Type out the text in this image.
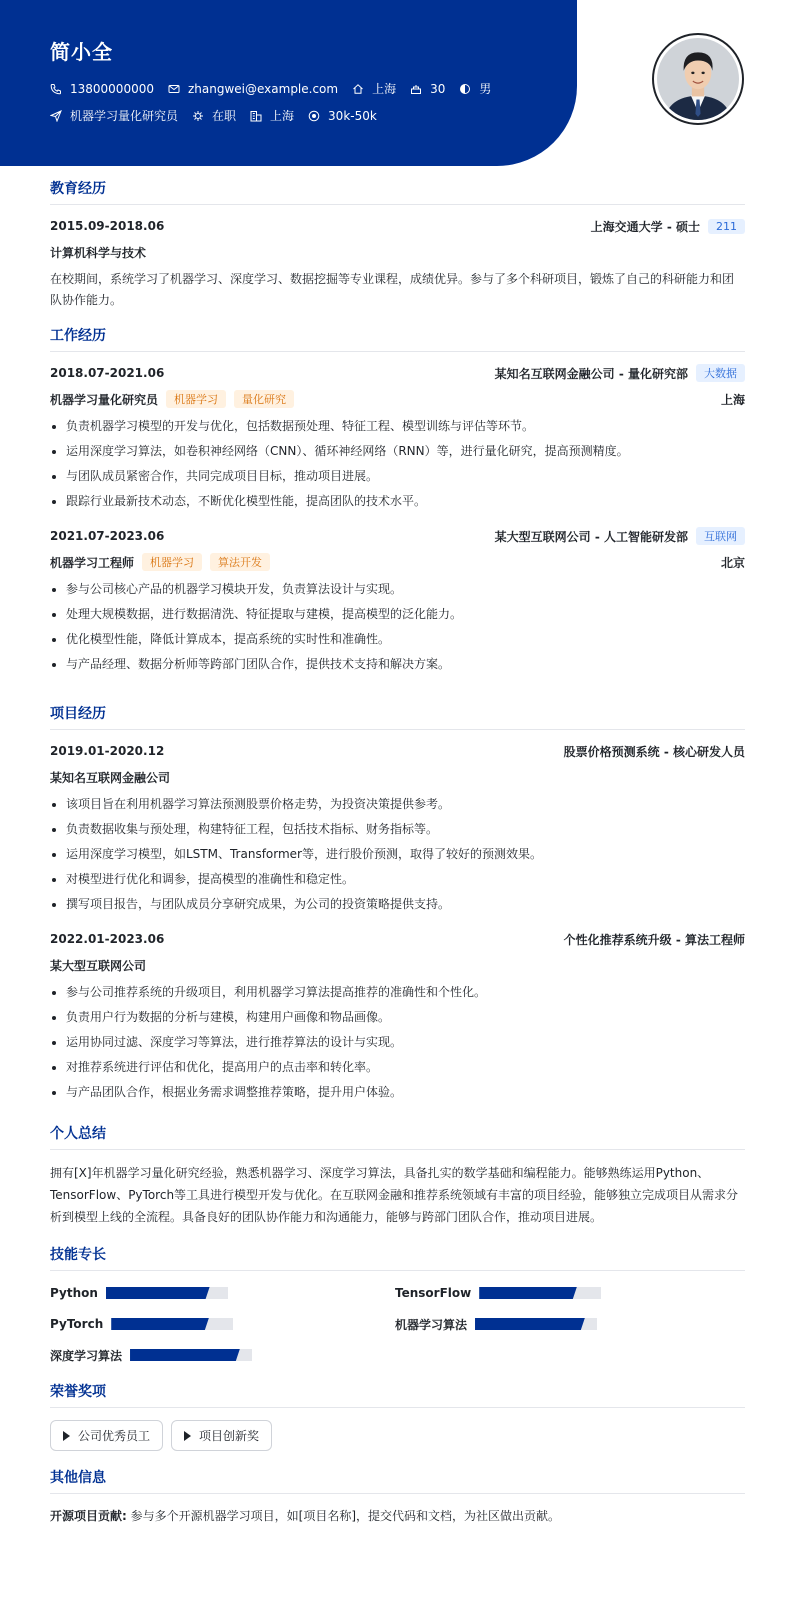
简小全
13800000000	zhangwei@example.com	上海	30	男
机器学习量化研究员	在职	上海	30k-50k
教育经历
2015.09-2018.06	上海交通大学 - 硕士	211
计算机科学与技术
在校期间，系统学习了机器学习、深度学习、数据挖掘等专业课程，成绩优异。参与了多个科研项目，锻炼了自己的科研能力和团队协作能力。
工作经历
2018.07-2021.06	某知名互联网金融公司 - 量化研究部	大数据
机器学习量化研究员	机器学习	量化研究	上海
负责机器学习模型的开发与优化，包括数据预处理、特征工程、模型训练与评估等环节。
运用深度学习算法，如卷积神经网络（CNN）、循环神经网络（RNN）等，进行量化研究，提高预测精度。
与团队成员紧密合作，共同完成项目目标，推动项目进展。
跟踪行业最新技术动态，不断优化模型性能，提高团队的技术水平。
2021.07-2023.06	某大型互联网公司 - 人工智能研发部	互联网
机器学习工程师	机器学习	算法开发	北京
参与公司核心产品的机器学习模块开发，负责算法设计与实现。
处理大规模数据，进行数据清洗、特征提取与建模，提高模型的泛化能力。
优化模型性能，降低计算成本，提高系统的实时性和准确性。
与产品经理、数据分析师等跨部门团队合作，提供技术支持和解决方案。
项目经历
2019.01-2020.12	股票价格预测系统 - 核心研发人员
某知名互联网金融公司
该项目旨在利用机器学习算法预测股票价格走势，为投资决策提供参考。
负责数据收集与预处理，构建特征工程，包括技术指标、财务指标等。
运用深度学习模型，如LSTM、Transformer等，进行股价预测，取得了较好的预测效果。
对模型进行优化和调参，提高模型的准确性和稳定性。
撰写项目报告，与团队成员分享研究成果，为公司的投资策略提供支持。
2022.01-2023.06	个性化推荐系统升级 - 算法工程师
某大型互联网公司
参与公司推荐系统的升级项目，利用机器学习算法提高推荐的准确性和个性化。
负责用户行为数据的分析与建模，构建用户画像和物品画像。
运用协同过滤、深度学习等算法，进行推荐算法的设计与实现。
对推荐系统进行评估和优化，提高用户的点击率和转化率。
与产品团队合作，根据业务需求调整推荐策略，提升用户体验。
个人总结
拥有[X]年机器学习量化研究经验，熟悉机器学习、深度学习算法，具备扎实的数学基础和编程能力。能够熟练运用Python、TensorFlow、PyTorch等工具进行模型开发与优化。在互联网金融和推荐系统领域有丰富的项目经验，能够独立完成项目从需求分析到模型上线的全流程。具备良好的团队协作能力和沟通能力，能够与跨部门团队合作，推动项目进展。
技能专长
Python	TensorFlow
PyTorch	机器学习算法
深度学习算法
荣誉奖项
公司优秀员工	项目创新奖
其他信息
开源项目贡献: 参与多个开源机器学习项目，如[项目名称]，提交代码和文档，为社区做出贡献。
